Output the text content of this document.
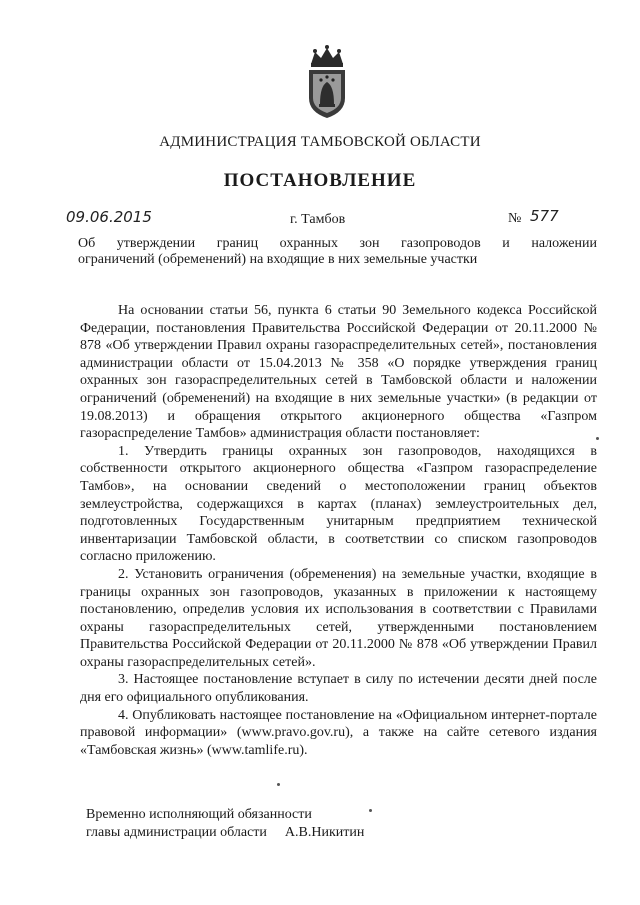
АДМИНИСТРАЦИЯ ТАМБОВСКОЙ ОБЛАСТИ
ПОСТАНОВЛЕНИЕ
09.06.2015	г. Тамбов	№ 577
Об утверждении границ охранных зон газопроводов и наложении
ограничений (обременений) на входящие в них земельные участки

На основании статьи 56, пункта 6 статьи 90 Земельного кодекса Российской Федерации, постановления Правительства Российской Федерации от 20.11.2000 № 878 «Об утверждении Правил охраны газораспределительных сетей», постановления администрации области от 15.04.2013 № 358 «О порядке утверждения границ охранных зон газораспределительных сетей в Тамбовской области и наложении ограничений (обременений) на входящие в них земельные участки» (в редакции от 19.08.2013) и обращения открытого акционерного общества «Газпром газораспределение Тамбов» администрация области постановляет:

1. Утвердить границы охранных зон газопроводов, находящихся в собственности открытого акционерного общества «Газпром газораспределение Тамбов», на основании сведений о местоположении границ объектов землеустройства, содержащихся в картах (планах) землеустроительных дел, подготовленных Государственным унитарным предприятием технической инвентаризации Тамбовской области, в соответствии со списком газопроводов согласно приложению.

2. Установить ограничения (обременения) на земельные участки, входящие в границы охранных зон газопроводов, указанных в приложении к настоящему постановлению, определив условия их использования в соответствии с Правилами охраны газораспределительных сетей, утвержденными постановлением Правительства Российской Федерации от 20.11.2000 № 878 «Об утверждении Правил охраны газораспределительных сетей».

3. Настоящее постановление вступает в силу по истечении десяти дней после дня его официального опубликования.

4. Опубликовать настоящее постановление на «Официальном интернет-портале правовой информации» (www.pravo.gov.ru), а также на сайте сетевого издания «Тамбовская жизнь» (www.tamlife.ru).

Временно исполняющий обязанности
главы администрации области А.В.Никитин
